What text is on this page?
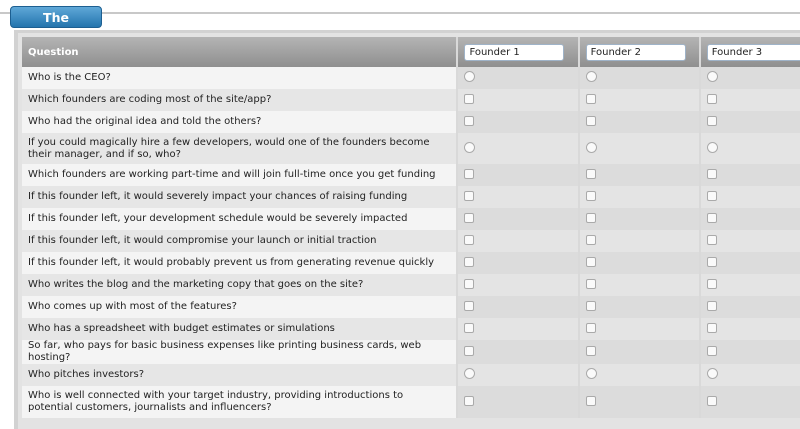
The
Question	Founder 1	Founder 2	Founder 3

Who is the CEO?			

Which founders are coding most of the site/app?			

Who had the original idea and told the others?			

If you could magically hire a few developers, would one of the founders become their manager, and if so, who?			

Which founders are working part-time and will join full-time once you get funding			

If this founder left, it would severely impact your chances of raising funding			

If this founder left, your development schedule would be severely impacted			

If this founder left, it would compromise your launch or initial traction			

If this founder left, it would probably prevent us from generating revenue quickly			

Who writes the blog and the marketing copy that goes on the site?			

Who comes up with most of the features?			

Who has a spreadsheet with budget estimates or simulations			

So far, who pays for basic business expenses like printing business cards, web hosting?			

Who pitches investors?			

Who is well connected with your target industry, providing introductions to potential customers, journalists and influencers?			
